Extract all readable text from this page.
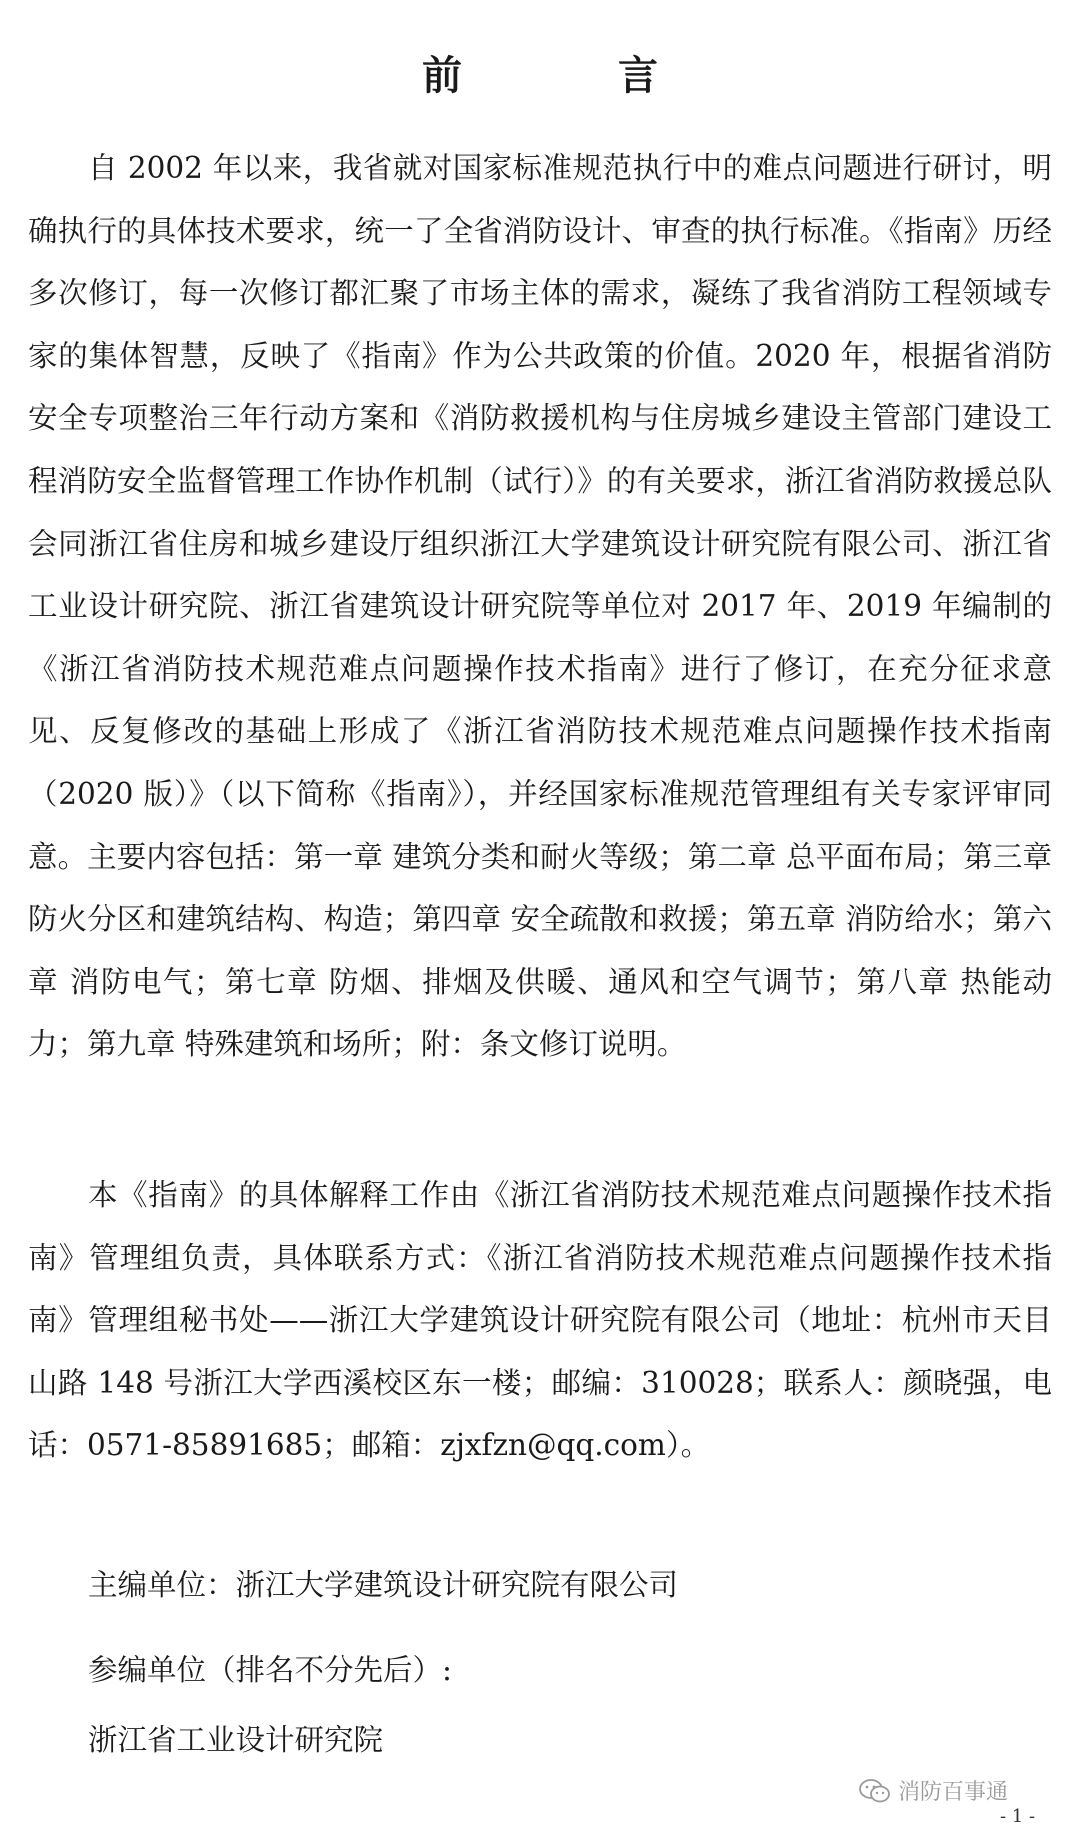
前　言

自 2002 年以来，我省就对国家标准规范执行中的难点问题进行研讨，明确执行的具体技术要求，统一了全省消防设计、审查的执行标准。《指南》历经多次修订，每一次修订都汇聚了市场主体的需求，凝练了我省消防工程领域专家的集体智慧，反映了《指南》作为公共政策的价值。2020 年，根据省消防安全专项整治三年行动方案和《消防救援机构与住房城乡建设主管部门建设工程消防安全监督管理工作协作机制（试行）》的有关要求，浙江省消防救援总队会同浙江省住房和城乡建设厅组织浙江大学建筑设计研究院有限公司、浙江省工业设计研究院、浙江省建筑设计研究院等单位对 2017 年、2019 年编制的《浙江省消防技术规范难点问题操作技术指南》进行了修订，在充分征求意见、反复修改的基础上形成了《浙江省消防技术规范难点问题操作技术指南（2020 版）》（以下简称《指南》），并经国家标准规范管理组有关专家评审同意。主要内容包括：第一章 建筑分类和耐火等级；第二章 总平面布局；第三章 防火分区和建筑结构、构造；第四章 安全疏散和救援；第五章 消防给水；第六章 消防电气；第七章 防烟、排烟及供暖、通风和空气调节；第八章 热能动力；第九章 特殊建筑和场所；附：条文修订说明。

本《指南》的具体解释工作由《浙江省消防技术规范难点问题操作技术指南》管理组负责，具体联系方式：《浙江省消防技术规范难点问题操作技术指南》管理组秘书处——浙江大学建筑设计研究院有限公司（地址：杭州市天目山路 148 号浙江大学西溪校区东一楼；邮编：310028；联系人：颜晓强，电话：0571-85891685；邮箱：zjxfzn@qq.com）。

主编单位：浙江大学建筑设计研究院有限公司
参编单位（排名不分先后）:
浙江省工业设计研究院
消防百事通
- 1 -
